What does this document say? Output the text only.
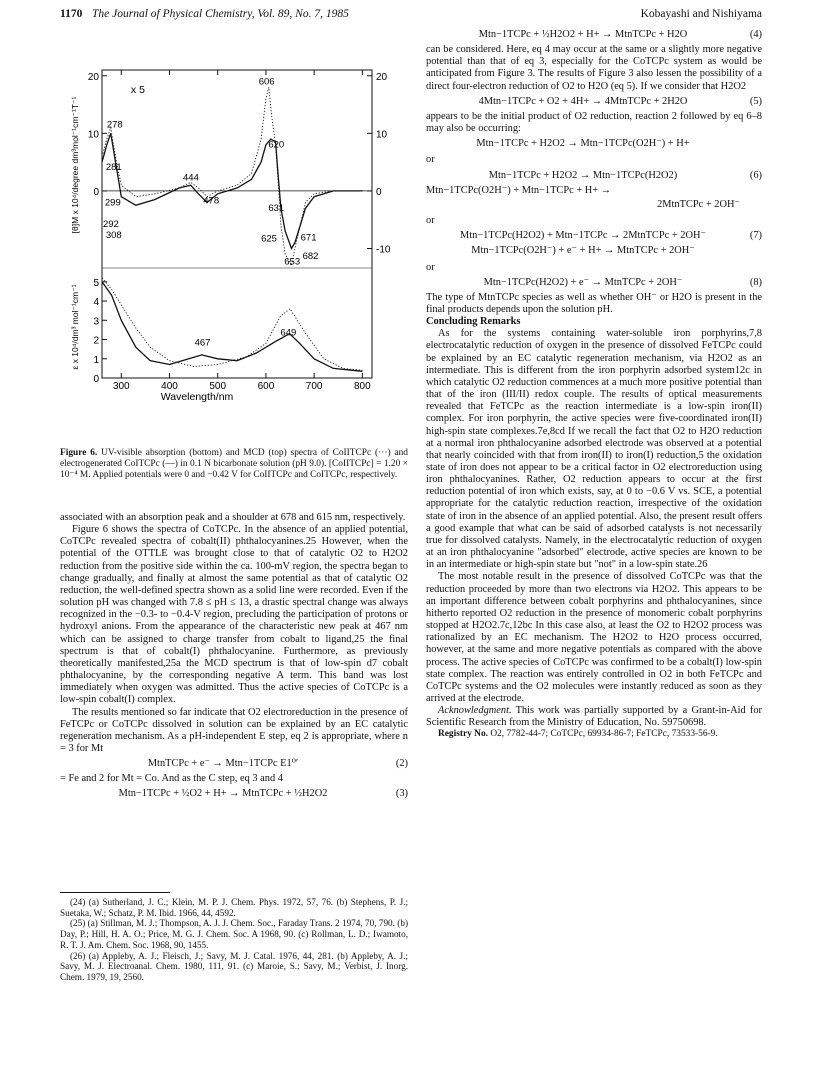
1170 The Journal of Physical Chemistry, Vol. 89, No. 7, 1985	Kobayashi and Nishiyama
20
10
0
20
10
0
-10
5
4
3
2
1
0
300	400	500	600	700	800
Wavelength/nm
[θ]M x 10⁴/degree dm³mol⁻¹cm⁻¹T⁻¹
ε x 10⁴/dm³ mol⁻¹cm⁻¹
x 5
606
278
620
281
444
478
631
299
292
308	625 671
653
682
467
649
Figure 6. UV-visible absorption (bottom) and MCD (top) spectra of CoIITCPc (···) and electrogenerated CoITCPc (—) in 0.1 N bicarbonate solution (pH 9.0). [CoIITCPc] = 1.20 × 10⁻⁴ M. Applied potentials were 0 and −0.42 V for CoIITCPc and CoITCPc, respectively.

associated with an absorption peak and a shoulder at 678 and 615 nm, respectively.

Figure 6 shows the spectra of CoTCPc. In the absence of an applied potential, CoTCPc revealed spectra of cobalt(II) phthalocyanines.25 However, when the potential of the OTTLE was brought close to that of catalytic O2 to H2O2 reduction from the positive side within the ca. 100-mV region, the spectra began to change gradually, and finally at almost the same potential as that of catalytic O2 reduction, the well-defined spectra shown as a solid line were recorded. Even if the solution pH was changed with 7.8 ≤ pH ≤ 13, a drastic spectral change was always recognized in the −0.3- to −0.4-V region, precluding the participation of protons or hydroxyl anions. From the appearance of the characteristic new peak at 467 nm which can be assigned to charge transfer from cobalt to ligand,25 the final spectrum is that of cobalt(I) phthalocyanine. Furthermore, as previously theoretically manifested,25a the MCD spectrum is that of low-spin d7 cobalt phthalocyanine, by the corresponding negative A term. This band was lost immediately when oxygen was admitted. Thus the active species of CoTCPc is a low-spin cobalt(I) complex.

The results mentioned so far indicate that O2 electroreduction in the presence of FeTCPc or CoTCPc dissolved in solution can be explained by an EC catalytic regeneration mechanism. As a pH-independent E step, eq 2 is appropriate, where n = 3 for Mt

MtnTCPc + e⁻ → Mtn−1TCPc E1⁰′	(2)

= Fe and 2 for Mt = Co. And as the C step, eq 3 and 4

Mtn−1TCPc + ½O2 + H+ → MtnTCPc + ½H2O2	(3)

(24) (a) Sutherland, J. C.; Klein, M. P. J. Chem. Phys. 1972, 57, 76. (b) Stephens, P. J.; Suetaka, W.; Schatz, P. M. Ibid. 1966, 44, 4592.

(25) (a) Stillman, M. J.; Thompson, A. J. J. Chem. Soc., Faraday Trans. 2 1974, 70, 790. (b) Day, P.; Hill, H. A. O.; Price, M. G. J. Chem. Soc. A 1968, 90. (c) Rollman, L. D.; Iwamoto, R. T. J. Am. Chem. Soc. 1968, 90, 1455.

(26) (a) Appleby, A. J.; Fleisch, J.; Savy, M. J. Catal. 1976, 44, 281. (b) Appleby, A. J.; Savy, M. J. Electroanal. Chem. 1980, 111, 91. (c) Maroie, S.; Savy, M.; Verbist, J. Inorg. Chem. 1979, 19, 2560.

Mtn−1TCPc + ½H2O2 + H+ → MtnTCPc + H2O	(4)

can be considered. Here, eq 4 may occur at the same or a slightly more negative potential than that of eq 3, especially for the CoTCPc system as would be anticipated from Figure 3. The results of Figure 3 also lessen the possibility of a direct four-electron reduction of O2 to H2O (eq 5). If we consider that H2O2

4Mtn−1TCPc + O2 + 4H+ → 4MtnTCPc + 2H2O	(5)

appears to be the initial product of O2 reduction, reaction 2 followed by eq 6–8 may also be occurring:

Mtn−1TCPc + H2O2 → Mtn−1TCPc(O2H⁻) + H+
or
Mtn−1TCPc + H2O2 → Mtn−1TCPc(H2O2)	(6)
Mtn−1TCPc(O2H⁻) + Mtn−1TCPc + H+ →
2MtnTCPc + 2OH⁻
or
Mtn−1TCPc(H2O2) + Mtn−1TCPc → 2MtnTCPc + 2OH⁻	(7)
Mtn−1TCPc(O2H⁻) + e⁻ + H+ → MtnTCPc + 2OH⁻
or
Mtn−1TCPc(H2O2) + e⁻ → MtnTCPc + 2OH⁻	(8)

The type of MtnTCPc species as well as whether OH⁻ or H2O is present in the final products depends upon the solution pH.

Concluding Remarks

As for the systems containing water-soluble iron porphyrins,7,8 electrocatalytic reduction of oxygen in the presence of dissolved FeTCPc could be explained by an EC catalytic regeneration mechanism, via H2O2 as an intermediate. This is different from the iron porphyrin adsorbed system12c in which catalytic O2 reduction commences at a much more positive potential than that of the iron (III/II) redox couple. The results of optical measurements revealed that FeTCPc as the reaction intermediate is a low-spin iron(II) complex. For iron porphyrin, the active species were five-coordinated iron(II) high-spin state complexes.7e,8cd If we recall the fact that O2 to H2O reduction at a normal iron phthalocyanine adsorbed electrode was observed at a potential that nearly coincided with that from iron(II) to iron(I) reduction,5 the oxidation state of iron does not appear to be a critical factor in O2 electroreduction using iron phthalocyanines. Rather, O2 reduction appears to occur at the first reduction potential of iron which exists, say, at 0 to −0.6 V vs. SCE, a potential appropriate for the catalytic reduction reaction, irrespective of the oxidation state of iron in the absence of an applied potential. Also, the present result offers a good example that what can be said of adsorbed catalysts is not necessarily true for dissolved catalysts. Namely, in the electrocatalytic reduction of oxygen at an iron phthalocyanine "adsorbed" electrode, active species are known to be in an intermediate or high-spin state but "not" in a low-spin state.26

The most notable result in the presence of dissolved CoTCPc was that the reduction proceeded by more than two electrons via H2O2. This appears to be an important difference between cobalt porphyrins and phthalocyanines, since hitherto reported O2 reduction in the presence of monomeric cobalt porphyrins stopped at H2O2.7c,12bc In this case also, at least the O2 to H2O2 process was rationalized by an EC mechanism. The H2O2 to H2O process occurred, however, at the same and more negative potentials as compared with the above process. The active species of CoTCPc was confirmed to be a cobalt(I) low-spin state complex. The reaction was entirely controlled in O2 in both FeTCPc and CoTCPc systems and the O2 molecules were instantly reduced as soon as they arrived at the electrode.

Acknowledgment. This work was partially supported by a Grant-in-Aid for Scientific Research from the Ministry of Education, No. 59750698.

Registry No. O2, 7782-44-7; CoTCPc, 69934-86-7; FeTCPc, 73533-56-9.
